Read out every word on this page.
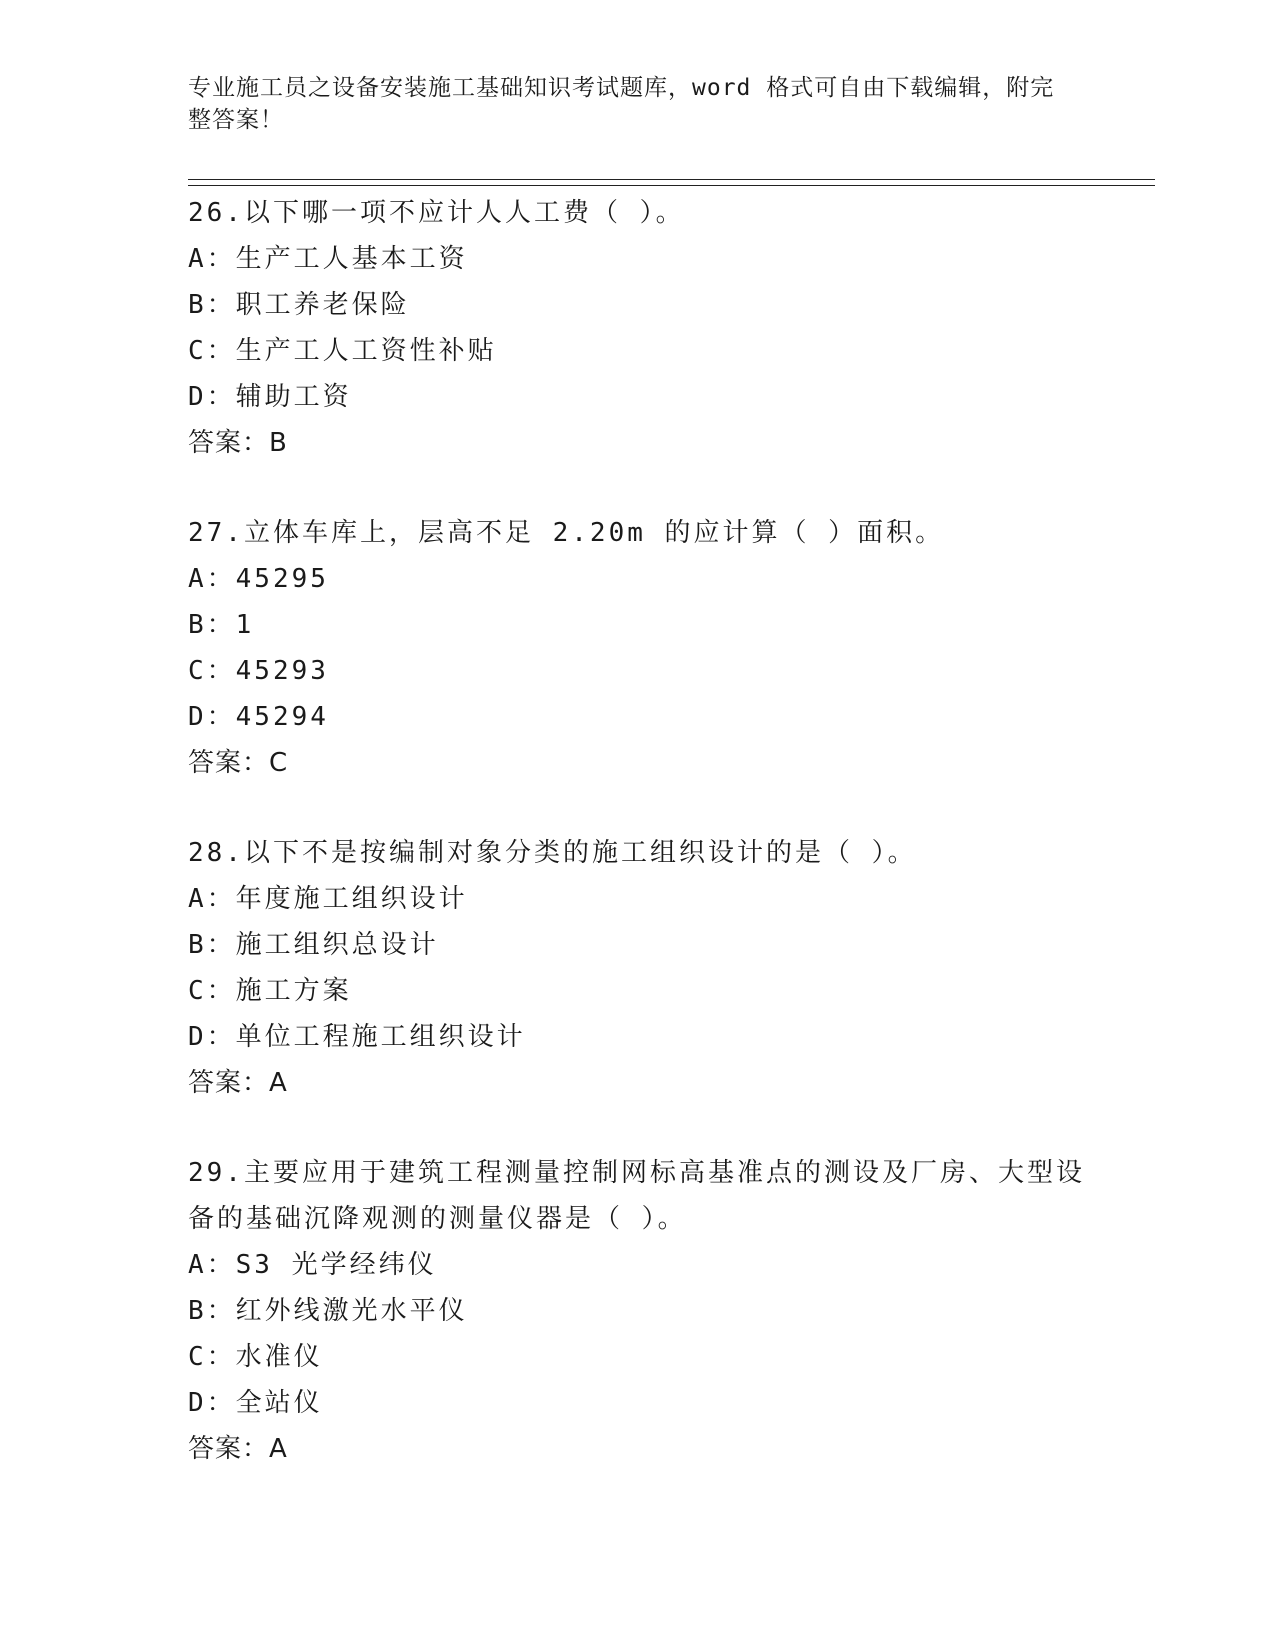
专业施工员之设备安装施工基础知识考试题库，word 格式可自由下载编辑，附完整答案！
26.以下哪一项不应计人人工费（ ）。
A：生产工人基本工资
B：职工养老保险
C：生产工人工资性补贴
D：辅助工资
答案：B
27.立体车库上，层高不足 2.20m 的应计算（ ）面积。
A：45295
B：1
C：45293
D：45294
答案：C
28.以下不是按编制对象分类的施工组织设计的是（ ）。
A：年度施工组织设计
B：施工组织总设计
C：施工方案
D：单位工程施工组织设计
答案：A
29.主要应用于建筑工程测量控制网标高基准点的测设及厂房、大型设
备的基础沉降观测的测量仪器是（ ）。
A：S3 光学经纬仪
B：红外线激光水平仪
C：水准仪
D：全站仪
答案：A
